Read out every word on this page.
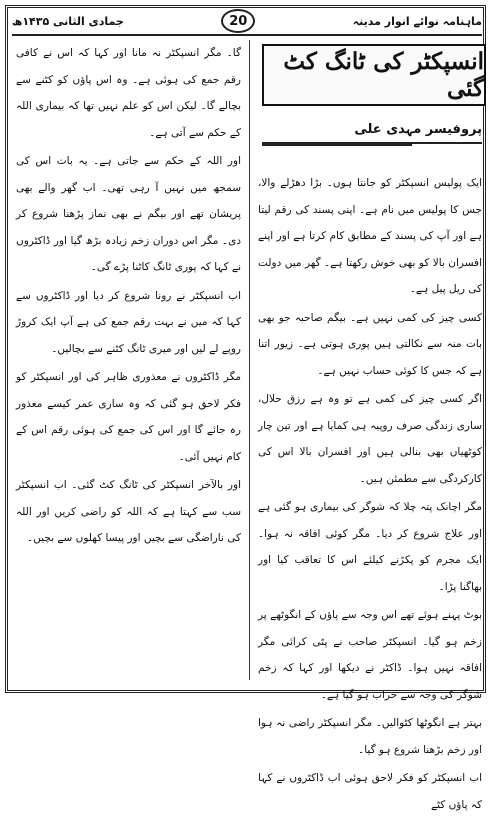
جمادی الثانی ۱۴۳۵ھ	20	ماہنامہ نوائے انوار مدینہ
انسپکٹر کی ٹانگ کٹ گئی
پروفیسر مہدی علی

ایک پولیس انسپکٹر کو جانتا ہوں۔ بڑا دھڑلے والا، جس کا پولیس میں نام ہے۔ اپنی پسند کی رقم لیتا ہے اور آپ کی پسند کے مطابق کام کرتا ہے اور اپنے افسران بالا کو بھی خوش رکھتا ہے۔ گھر میں دولت کی ریل پیل ہے۔

کسی چیز کی کمی نہیں ہے۔ بیگم صاحبہ جو بھی بات منہ سے نکالتی ہیں پوری ہوتی ہے۔ زیور اتنا ہے کہ جس کا کوئی حساب نہیں ہے۔

اگر کسی چیز کی کمی ہے تو وہ ہے رزق حلال، ساری زندگی صرف روپیہ ہی کمایا ہے اور تین چار کوٹھیاں بھی بنالی ہیں اور افسران بالا اس کی کارکردگی سے مطمئن ہیں۔

مگر اچانک پتہ چلا کہ شوگر کی بیماری ہو گئی ہے اور علاج شروع کر دیا۔ مگر کوئی افاقہ نہ ہوا۔ ایک مجرم کو پکڑنے کیلئے اس کا تعاقب کیا اور بھاگنا پڑا۔

بوٹ پہنے ہوئے تھے اس وجہ سے پاؤں کے انگوٹھے پر زخم ہو گیا۔ انسپکٹر صاحب نے پٹی کرائی مگر افاقہ نہیں ہوا۔ ڈاکٹر نے دیکھا اور کہا کہ زخم شوگر کی وجہ سے خراب ہو گیا ہے۔

بہتر ہے انگوٹھا کٹوالیں۔ مگر انسپکٹر راضی نہ ہوا اور زخم بڑھنا شروع ہو گیا۔

اب انسپکٹر کو فکر لاحق ہوئی اب ڈاکٹروں نے کہا کہ پاؤں کٹے

گا۔ مگر انسپکٹر نہ مانا اور کہا کہ اس نے کافی رقم جمع کی ہوئی ہے۔ وہ اس پاؤں کو کٹنے سے بچالے گا۔ لیکن اس کو علم نہیں تھا کہ بیماری اللہ کے حکم سے آتی ہے۔

اور اللہ کے حکم سے جاتی ہے۔ یہ بات اس کی سمجھ میں نہیں آ رہی تھی۔ اب گھر والے بھی پریشان تھے اور بیگم نے بھی نماز پڑھنا شروع کر دی۔ مگر اس دوران زخم زیادہ بڑھ گیا اور ڈاکٹروں نے کہا کہ پوری ٹانگ کاٹنا پڑے گی۔

اب انسپکٹر نے رونا شروع کر دیا اور ڈاکٹروں سے کہا کہ میں نے بہت رقم جمع کی ہے آپ ایک کروڑ روپے لے لیں اور میری ٹانگ کٹنے سے بچالیں۔

مگر ڈاکٹروں نے معذوری ظاہر کی اور انسپکٹر کو فکر لاحق ہو گئی کہ وہ ساری عمر کیسے معذور رہ جائے گا اور اس کی جمع کی ہوئی رقم اس کے کام نہیں آئی۔

اور بالآخر انسپکٹر کی ٹانگ کٹ گئی۔ اب انسپکٹر سب سے کہتا ہے کہ اللہ کو راضی کریں اور اللہ کی ناراضگی سے بچیں اور پیسا کھلوں سے بچیں۔
